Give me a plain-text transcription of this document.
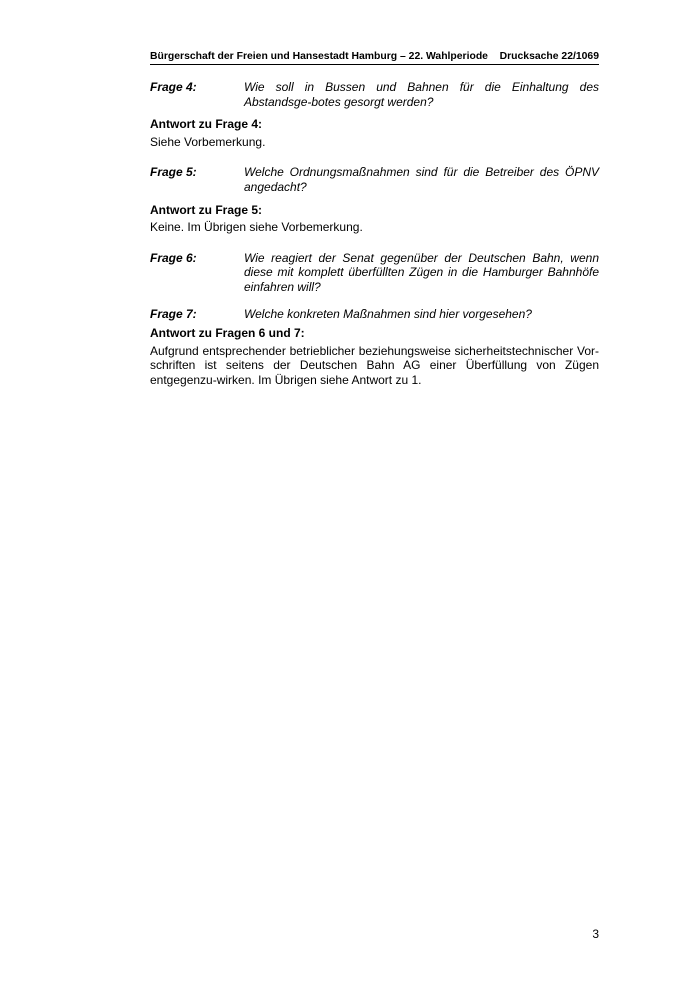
Bürgerschaft der Freien und Hansestadt Hamburg – 22. Wahlperiode Drucksache 22/1069
Frage 4:	Wie soll in Bussen und Bahnen für die Einhaltung des Abstandsge-botes gesorgt werden?
Antwort zu Frage 4:
Siehe Vorbemerkung.
Frage 5:	Welche Ordnungsmaßnahmen sind für die Betreiber des ÖPNV angedacht?
Antwort zu Frage 5:
Keine. Im Übrigen siehe Vorbemerkung.
Frage 6:	Wie reagiert der Senat gegenüber der Deutschen Bahn, wenn diese mit komplett überfüllten Zügen in die Hamburger Bahnhöfe einfahren will?
Frage 7:	Welche konkreten Maßnahmen sind hier vorgesehen?
Antwort zu Fragen 6 und 7:
Aufgrund entsprechender betrieblicher beziehungsweise sicherheitstechnischer Vor-schriften ist seitens der Deutschen Bahn AG einer Überfüllung von Zügen entgegenzu-wirken. Im Übrigen siehe Antwort zu 1.
3
